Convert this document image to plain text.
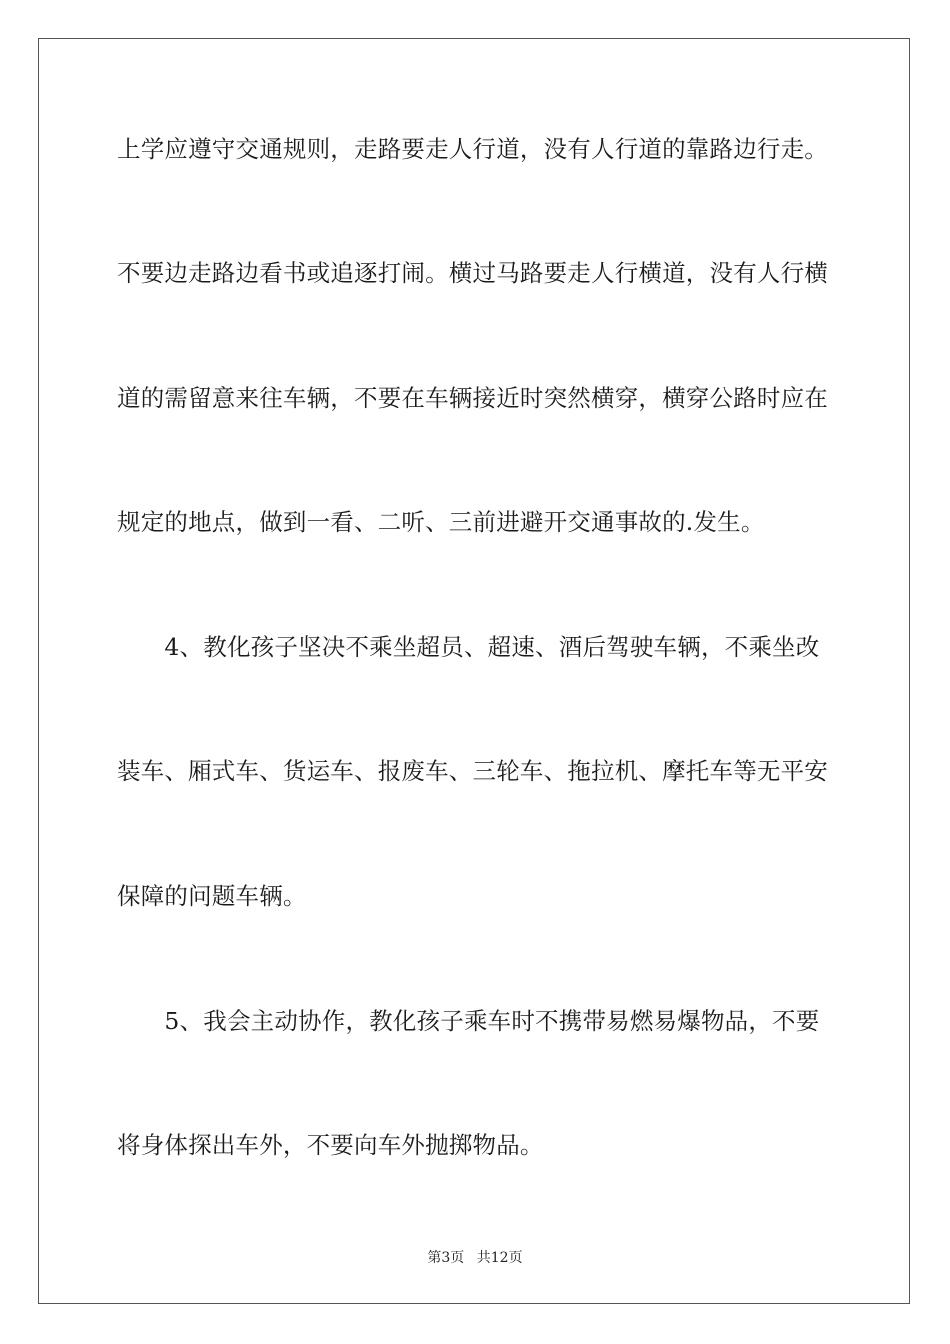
上学应遵守交通规则，走路要走人行道，没有人行道的靠路边行走。

不要边走路边看书或追逐打闹。横过马路要走人行横道，没有人行横

道的需留意来往车辆，不要在车辆接近时突然横穿，横穿公路时应在

规定的地点，做到一看、二听、三前进避开交通事故的.发生。

　　4、教化孩子坚决不乘坐超员、超速、酒后驾驶车辆，不乘坐改

装车、厢式车、货运车、报废车、三轮车、拖拉机、摩托车等无平安

保障的问题车辆。

　　5、我会主动协作，教化孩子乘车时不携带易燃易爆物品，不要

将身体探出车外，不要向车外抛掷物品。

第3页 共12页
